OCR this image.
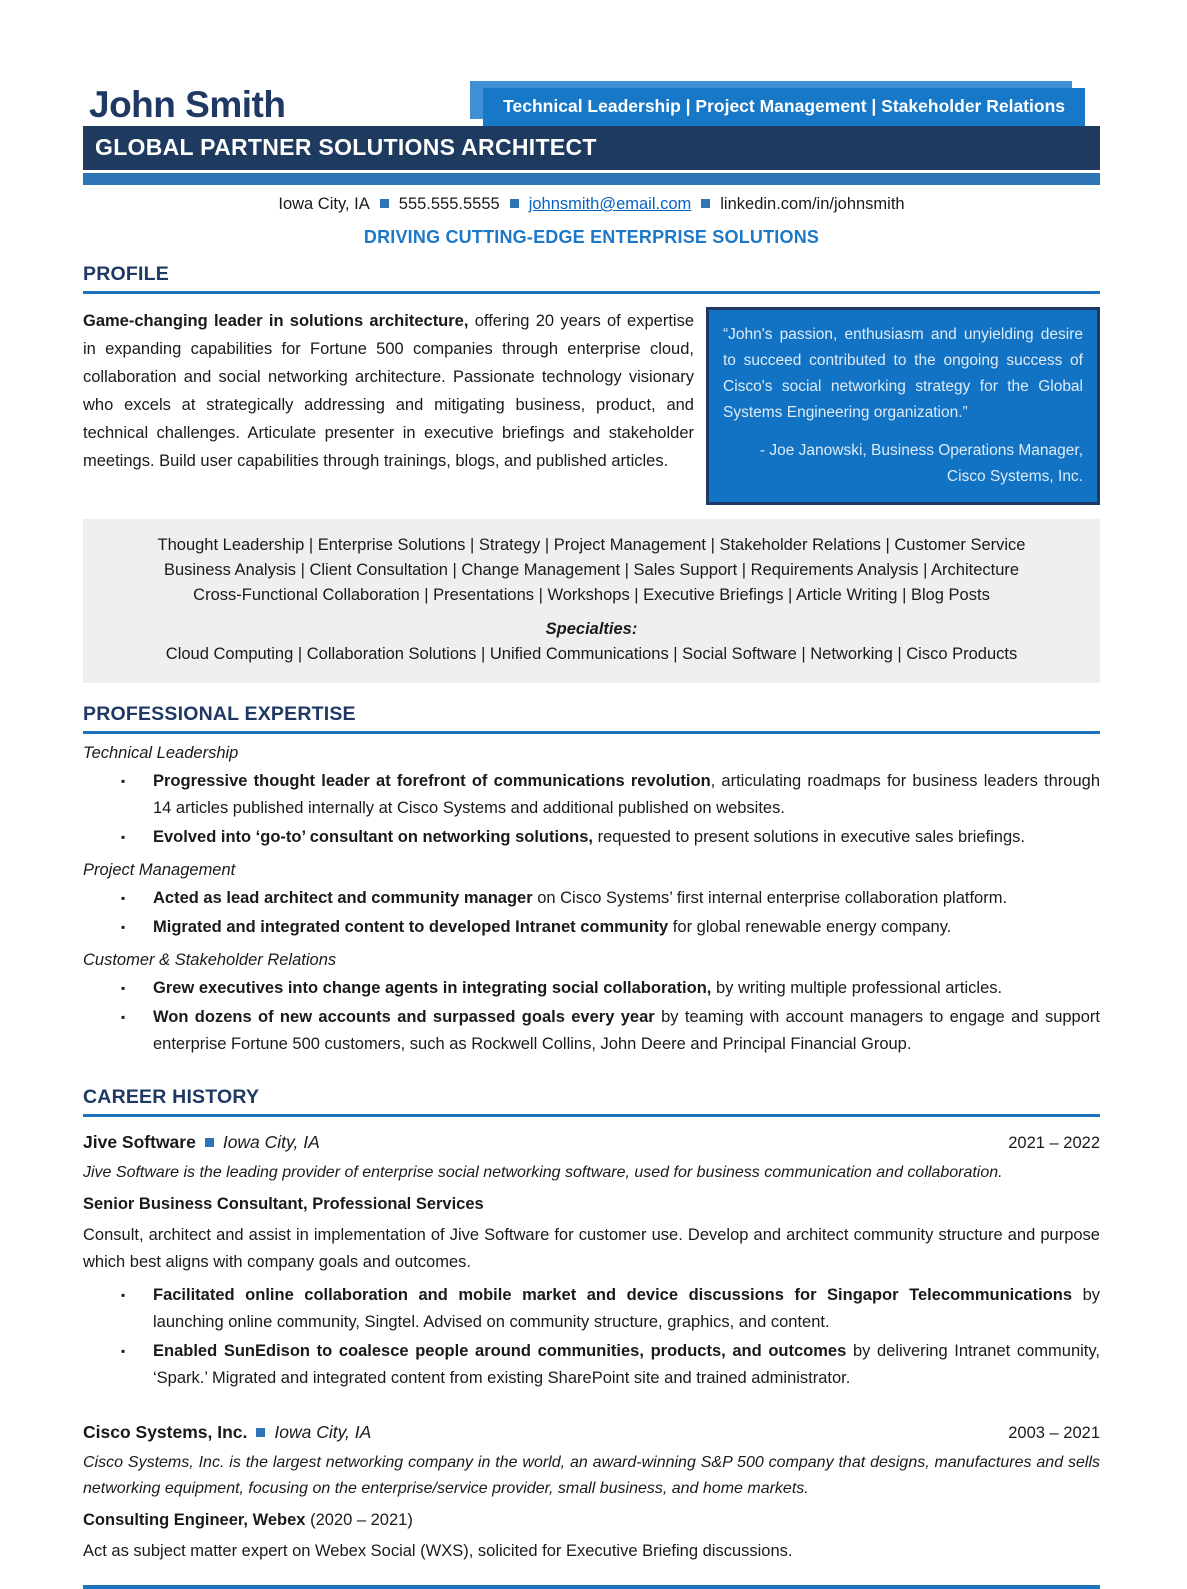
John Smith	Technical Leadership | Project Management | Stakeholder Relations
GLOBAL PARTNER SOLUTIONS ARCHITECT
Iowa City, IA 555.555.5555 johnsmith@email.com linkedin.com/in/johnsmith
DRIVING CUTTING-EDGE ENTERPRISE SOLUTIONS
PROFILE
Game-changing leader in solutions architecture, offering 20 years of expertise in expanding capabilities for Fortune 500 companies through enterprise cloud, collaboration and social networking architecture. Passionate technology visionary who excels at strategically addressing and mitigating business, product, and technical challenges. Articulate presenter in executive briefings and stakeholder meetings. Build user capabilities through trainings, blogs, and published articles.
“John's passion, enthusiasm and unyielding desire to succeed contributed to the ongoing success of Cisco's social networking strategy for the Global Systems Engineering organization.”
- Joe Janowski, Business Operations Manager,
Cisco Systems, Inc.
Thought Leadership | Enterprise Solutions | Strategy | Project Management | Stakeholder Relations | Customer Service
Business Analysis | Client Consultation | Change Management | Sales Support | Requirements Analysis | Architecture
Cross-Functional Collaboration | Presentations | Workshops | Executive Briefings | Article Writing | Blog Posts
Specialties:
Cloud Computing | Collaboration Solutions | Unified Communications | Social Software | Networking | Cisco Products
PROFESSIONAL EXPERTISE
Technical Leadership
▪ Progressive thought leader at forefront of communications revolution, articulating roadmaps for business leaders through 14 articles published internally at Cisco Systems and additional published on websites.
▪ Evolved into ‘go-to’ consultant on networking solutions, requested to present solutions in executive sales briefings.
Project Management
▪ Acted as lead architect and community manager on Cisco Systems’ first internal enterprise collaboration platform.
▪ Migrated and integrated content to developed Intranet community for global renewable energy company.
Customer & Stakeholder Relations
▪ Grew executives into change agents in integrating social collaboration, by writing multiple professional articles.
▪ Won dozens of new accounts and surpassed goals every year by teaming with account managers to engage and support enterprise Fortune 500 customers, such as Rockwell Collins, John Deere and Principal Financial Group.
CAREER HISTORY
Jive Software Iowa City, IA	2021 – 2022
Jive Software is the leading provider of enterprise social networking software, used for business communication and collaboration.
Senior Business Consultant, Professional Services
Consult, architect and assist in implementation of Jive Software for customer use. Develop and architect community structure and purpose which best aligns with company goals and outcomes.
▪ Facilitated online collaboration and mobile market and device discussions for Singapor Telecommunications by launching online community, Singtel. Advised on community structure, graphics, and content.
▪ Enabled SunEdison to coalesce people around communities, products, and outcomes by delivering Intranet community, ‘Spark.’ Migrated and integrated content from existing SharePoint site and trained administrator.
Cisco Systems, Inc. Iowa City, IA	2003 – 2021
Cisco Systems, Inc. is the largest networking company in the world, an award-winning S&P 500 company that designs, manufactures and sells networking equipment, focusing on the enterprise/service provider, small business, and home markets.
Consulting Engineer, Webex (2020 – 2021)
Act as subject matter expert on Webex Social (WXS), solicited for Executive Briefing discussions.
